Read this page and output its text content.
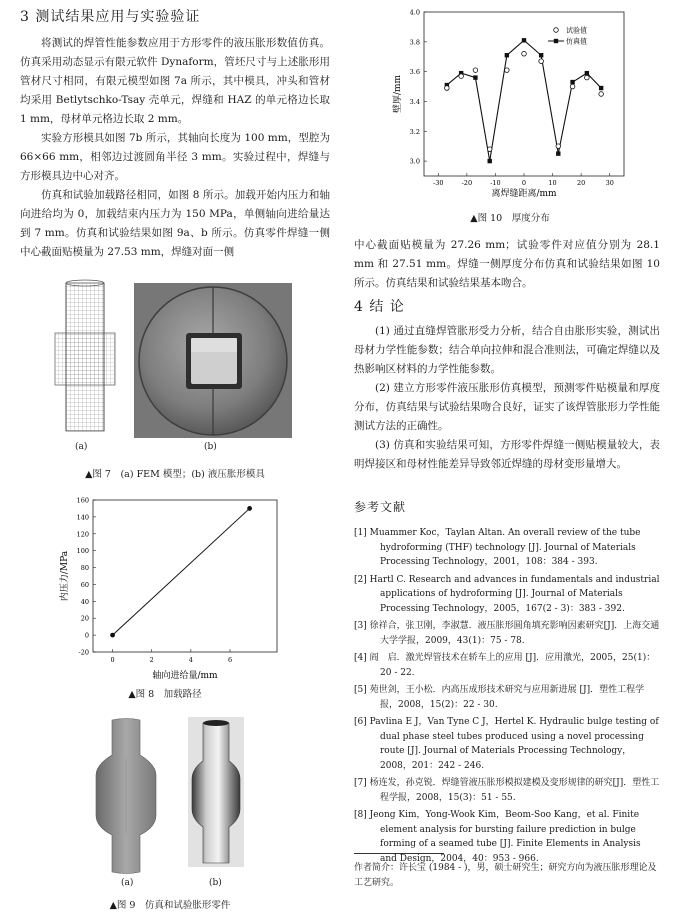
3 测试结果应用与实验验证

将测试的焊管性能参数应用于方形零件的液压胀形数值仿真。仿真采用动态显示有限元软件 Dynaform，管坯尺寸与上述胀形用管材尺寸相同，有限元模型如图 7a 所示，其中模具，冲头和管材均采用 Betlytschko-Tsay 壳单元，焊缝和 HAZ 的单元格边长取 1 mm，母材单元格边长取 2 mm。

实验方形模具如图 7b 所示，其轴向长度为 100 mm，型腔为 66×66 mm，相邻边过渡圆角半径 3 mm。实验过程中，焊缝与方形模具边中心对齐。

仿真和试验加载路径相同，如图 8 所示。加载开始内压力和轴向进给均为 0，加载结束内压力为 150 MPa，单侧轴向进给量达到 7 mm。仿真和试验结果如图 9a、b 所示。仿真零件焊缝一侧中心截面贴模量为 27.53 mm，焊缝对面一侧

(a)	(b)
▲图 7　(a) FEM 模型；(b) 液压胀形模具
-20
0
20
40
60
80
100
120
140
160
0	2	4	6
轴向进给量/mm
内压力/MPa
▲图 8　加载路径
(a)	(b)
▲图 9　仿真和试验胀形零件
3.0
3.2
3.4
3.6
3.8
4.0
-30	-20	-10	0	10	20	30
试验值
仿真值
离焊缝距离/mm
壁厚/mm
▲图 10　厚度分布

中心截面贴模量为 27.26 mm；试验零件对应值分别为 28.1 mm 和 27.51 mm。焊缝一侧厚度分布仿真和试验结果如图 10 所示。仿真结果和试验结果基本吻合。

4 结 论

(1) 通过直缝焊管胀形受力分析，结合自由胀形实验，测试出母材力学性能参数；结合单向拉伸和混合准则法，可确定焊缝以及热影响区材料的力学性能参数。

(2) 建立方形零件液压胀形仿真模型，预测零件贴模量和厚度分布，仿真结果与试验结果吻合良好，证实了该焊管胀形力学性能测试方法的正确性。

(3) 仿真和实验结果可知，方形零件焊缝一侧贴模量较大，表明焊接区和母材性能差异导致邻近焊缝的母材变形量增大。

参考文献

[1] Muammer Koc，Taylan Altan. An overall review of the tube hydroforming (THF) technology [J]. Journal of Materials Processing Technology，2001，108：384 - 393.

[2] Hartl C. Research and advances in fundamentals and industrial applications of hydroforming [J]. Journal of Materials Processing Technology，2005，167(2 - 3)：383 - 392.

[3] 徐祥合，张卫刚，李淑慧．液压胀形圆角填充影响因素研究[J]．上海交通大学学报，2009，43(1)：75 - 78.

[4] 阎　启．激光焊管技术在轿车上的应用 [J]．应用激光，2005，25(1)：20 - 22.

[5] 苑世剑，王小松．内高压成形技术研究与应用新进展 [J]．塑性工程学报，2008，15(2)：22 - 30.

[6] Pavlina E J，Van Tyne C J，Hertel K. Hydraulic bulge testing of dual phase steel tubes produced using a novel processing route [J]. Journal of Materials Processing Technology，2008，201：242 - 246.

[7] 杨连发，孙克锐．焊缝管液压胀形模拟建模及变形规律的研究[J]．塑性工程学报，2008，15(3)：51 - 55.

[8] Jeong Kim，Yong-Wook Kim，Beom-Soo Kang，et al. Finite element analysis for bursting failure prediction in bulge forming of a seamed tube [J]. Finite Elements in Analysis and Design，2004，40：953 - 966.

作者简介：许长宝 (1984 - )，男，硕士研究生；研究方向为液压胀形理论及工艺研究。
